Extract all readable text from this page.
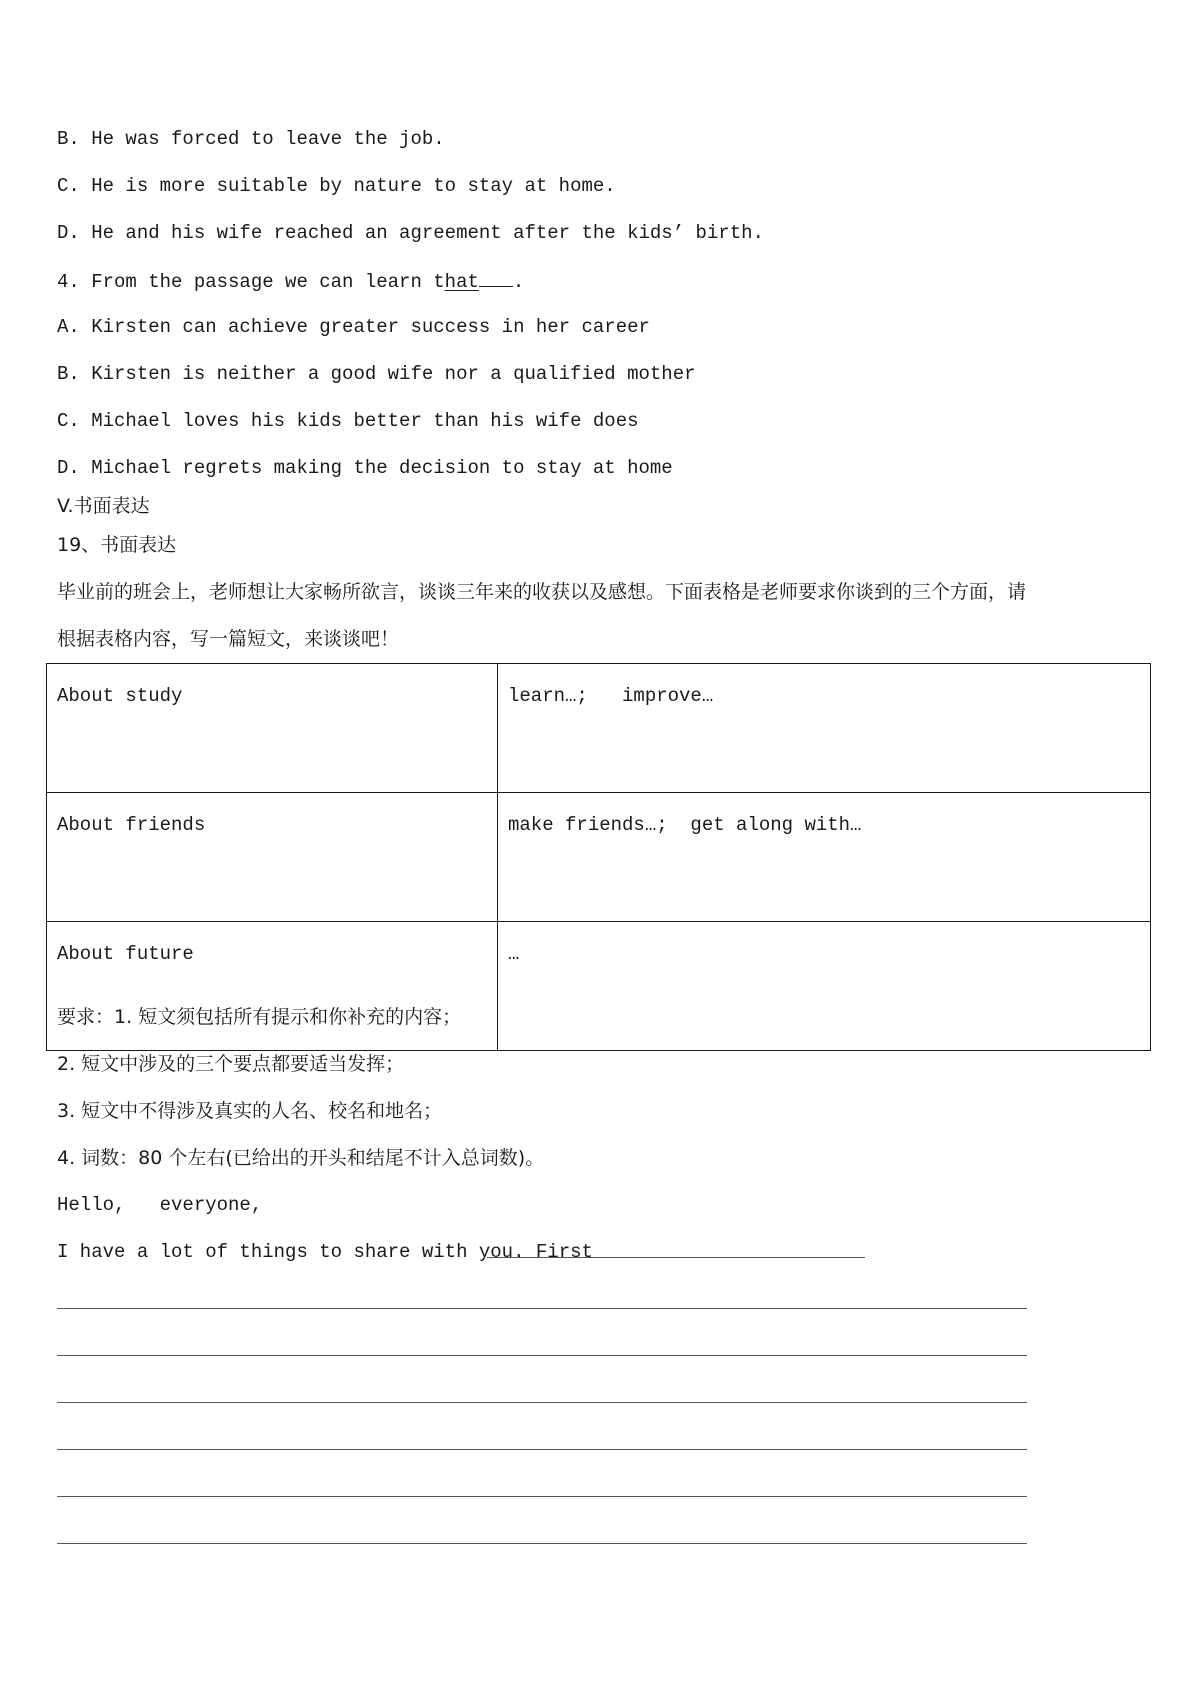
B. He was forced to leave the job.
C. He is more suitable by nature to stay at home.
D. He and his wife reached an agreement after the kids’ birth.
4. From the passage we can learn that .
A. Kirsten can achieve greater success in her career
B. Kirsten is neither a good wife nor a qualified mother
C. Michael loves his kids better than his wife does
D. Michael regrets making the decision to stay at home
V.书面表达
19、书面表达
毕业前的班会上，老师想让大家畅所欲言，谈谈三年来的收获以及感想。下面表格是老师要求你谈到的三个方面，请
根据表格内容，写一篇短文，来谈谈吧！
About study	learn…;   improve…
About friends	make friends…;  get along with…
About future	…
要求：1. 短文须包括所有提示和你补充的内容；
2. 短文中涉及的三个要点都要适当发挥；
3. 短文中不得涉及真实的人名、校名和地名；
4. 词数：80 个左右(已给出的开头和结尾不计入总词数)。
Hello,   everyone,
I have a lot of things to share with you. First
